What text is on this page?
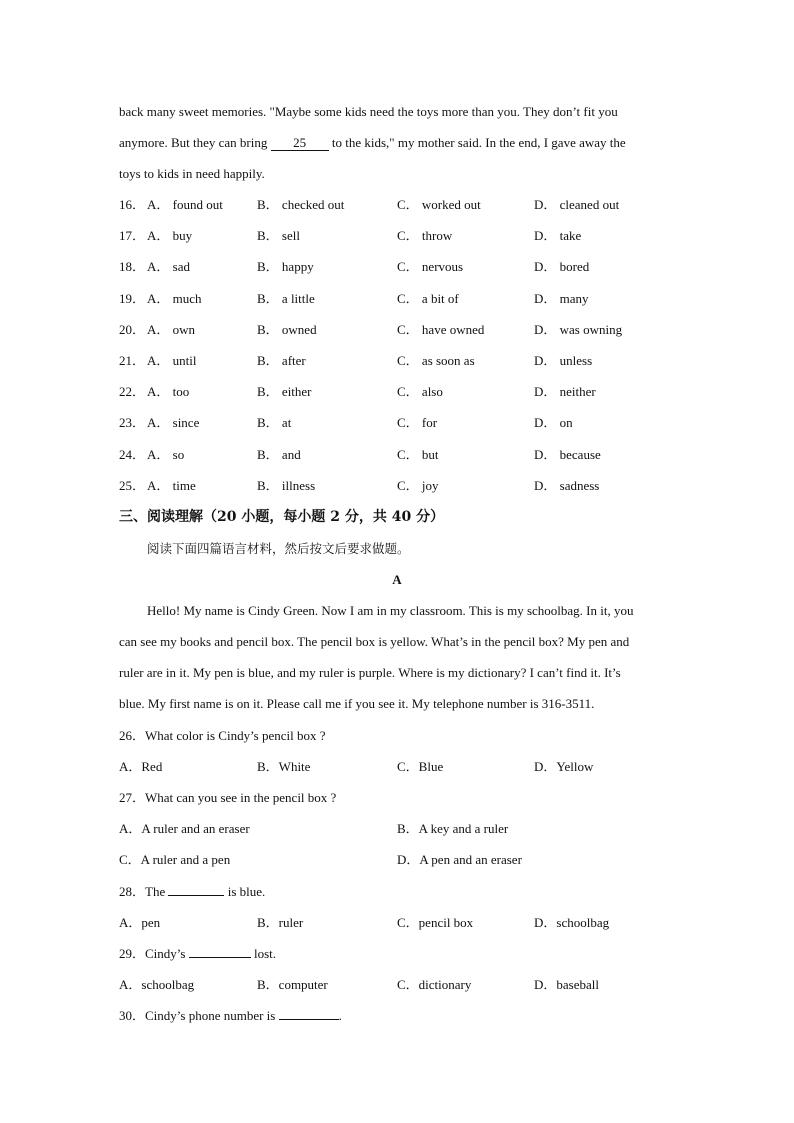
back many sweet memories. "Maybe some kids need the toys more than you. They don’t fit you
anymore. But they can bring 25 to the kids," my mother said. In the end, I gave away the
toys to kids in need happily.
16． A． found out	B． checked out	C． worked out	D． cleaned out
17． A． buy	B． sell	C． throw	D． take
18． A． sad	B． happy	C． nervous	D． bored
19． A． much	B． a little	C． a bit of	D． many
20． A． own	B． owned	C． have owned	D． was owning
21． A． until	B． after	C． as soon as	D． unless
22． A． too	B． either	C． also	D． neither
23． A． since	B． at	C． for	D． on
24． A． so	B． and	C． but	D． because
25． A． time	B． illness	C． joy	D． sadness
三、阅读理解（20 小题，每小题 2 分，共 40 分）
阅读下面四篇语言材料，然后按文后要求做题。
A
Hello! My name is Cindy Green. Now I am in my classroom. This is my schoolbag. In it, you
can see my books and pencil box. The pencil box is yellow. What’s in the pencil box? My pen and
ruler are in it. My pen is blue, and my ruler is purple. Where is my dictionary? I can’t find it. It’s
blue. My first name is on it. Please call me if you see it. My telephone number is 316-3511.
26．What color is Cindy’s pencil box ?
A．Red	B．White	C．Blue	D．Yellow
27．What can you see in the pencil box ?
A．A ruler and an eraser	B．A key and a ruler
C．A ruler and a pen	D．A pen and an eraser
28．The	is blue.
A．pen	B．ruler	C．pencil box	D．schoolbag
29．Cindy’s	lost.
A．schoolbag	B．computer	C．dictionary	D．baseball
30．Cindy’s phone number is	.
